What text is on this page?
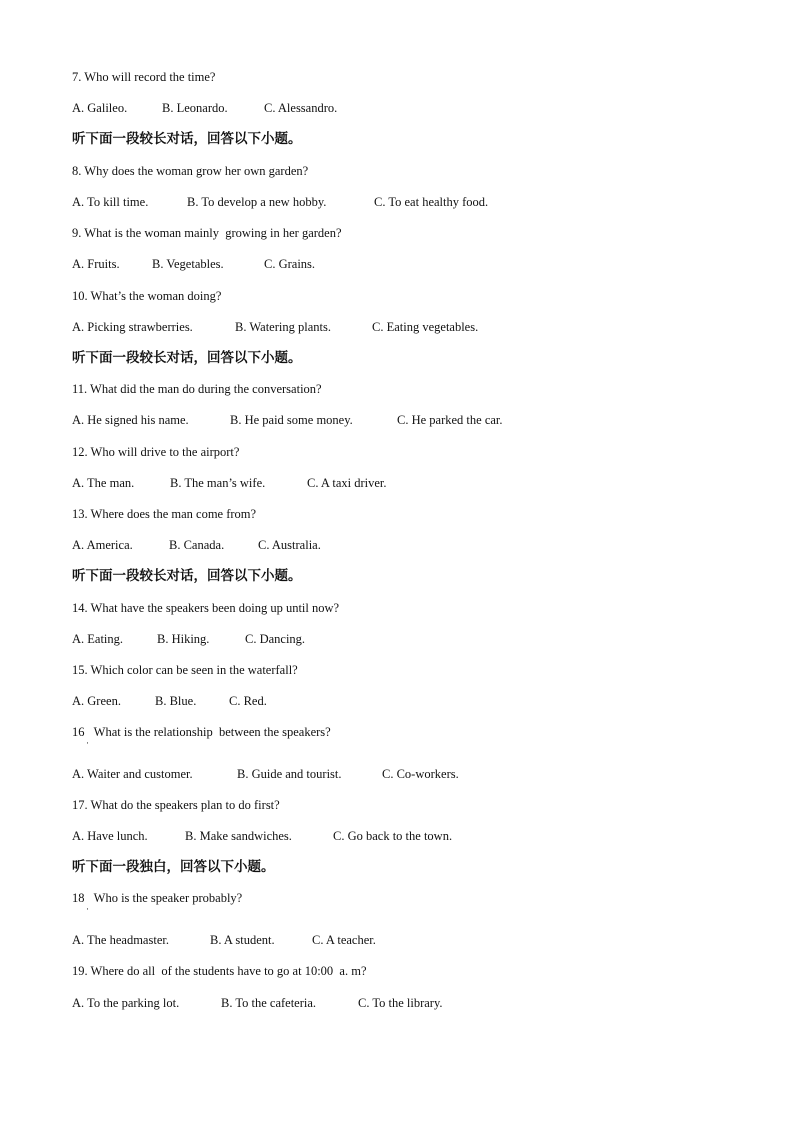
7. Who will record the time?
A. Galileo.	B. Leonardo.	C. Alessandro.
听下面一段较长对话，回答以下小题。
8. Why does the woman grow her own garden?
A. To kill time.	B. To develop a new hobby.	C. To eat healthy food.
9. What is the woman mainly  growing in her garden?
A. Fruits.	B. Vegetables.	C. Grains.
10. What’s the woman doing?
A. Picking strawberries.	B. Watering plants.	C. Eating vegetables.
听下面一段较长对话，回答以下小题。
11. What did the man do during the conversation?
A. He signed his name.	B. He paid some money.	C. He parked the car.
12. Who will drive to the airport?
A. The man.	B. The man’s wife.	C. A taxi driver.
13. Where does the man come from?
A. America.	B. Canada.	C. Australia.
听下面一段较长对话，回答以下小题。
14. What have the speakers been doing up until now?
A. Eating.	B. Hiking.	C. Dancing.
15. Which color can be seen in the waterfall?
A. Green.	B. Blue.	C. Red.
16   What is the relationship  between the speakers?
·
A. Waiter and customer.	B. Guide and tourist.	C. Co-workers.
17. What do the speakers plan to do first?
A. Have lunch.	B. Make sandwiches.	C. Go back to the town.
听下面一段独白，回答以下小题。
18   Who is the speaker probably?
·
A. The headmaster.	B. A student.	C. A teacher.
19. Where do all  of the students have to go at 10:00  a. m?
A. To the parking lot.	B. To the cafeteria.	C. To the library.
